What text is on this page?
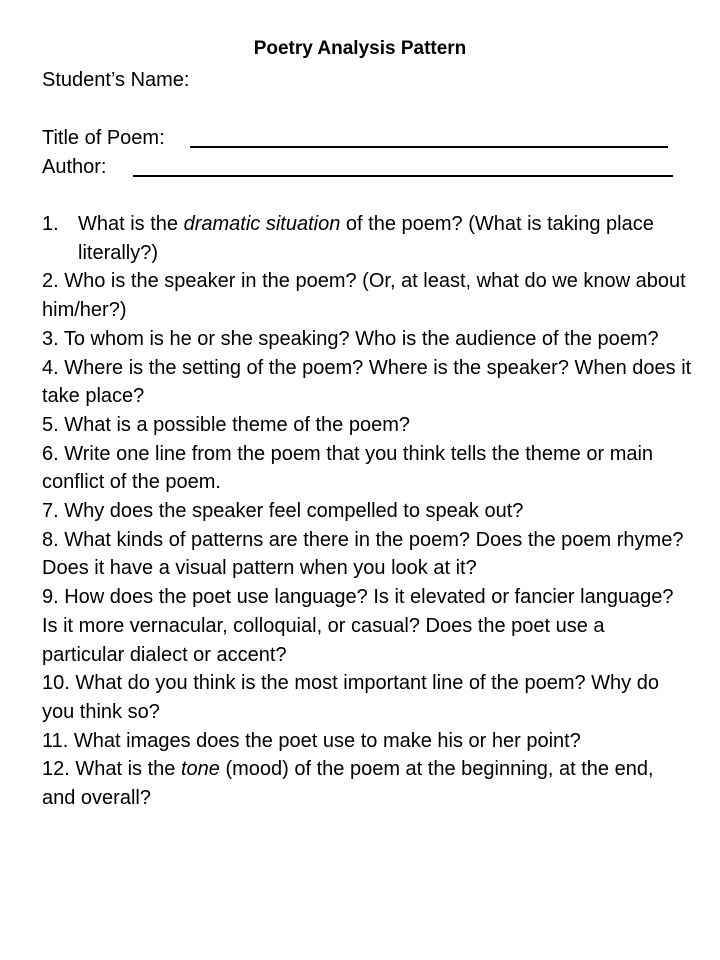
Poetry Analysis Pattern
Student’s Name:
Title of Poem:
Author:

1. What is the dramatic situation of the poem? (What is taking place literally?)

2. Who is the speaker in the poem? (Or, at least, what do we know about him/her?)

3. To whom is he or she speaking? Who is the audience of the poem?

4. Where is the setting of the poem? Where is the speaker? When does it take place?

5. What is a possible theme of the poem?

6. Write one line from the poem that you think tells the theme or main conflict of the poem.

7. Why does the speaker feel compelled to speak out?

8. What kinds of patterns are there in the poem? Does the poem rhyme? Does it have a visual pattern when you look at it?

9. How does the poet use language? Is it elevated or fancier language? Is it more vernacular, colloquial, or casual? Does the poet use a particular dialect or accent?

10. What do you think is the most important line of the poem? Why do you think so?

11. What images does the poet use to make his or her point?

12. What is the tone (mood) of the poem at the beginning, at the end, and overall?
